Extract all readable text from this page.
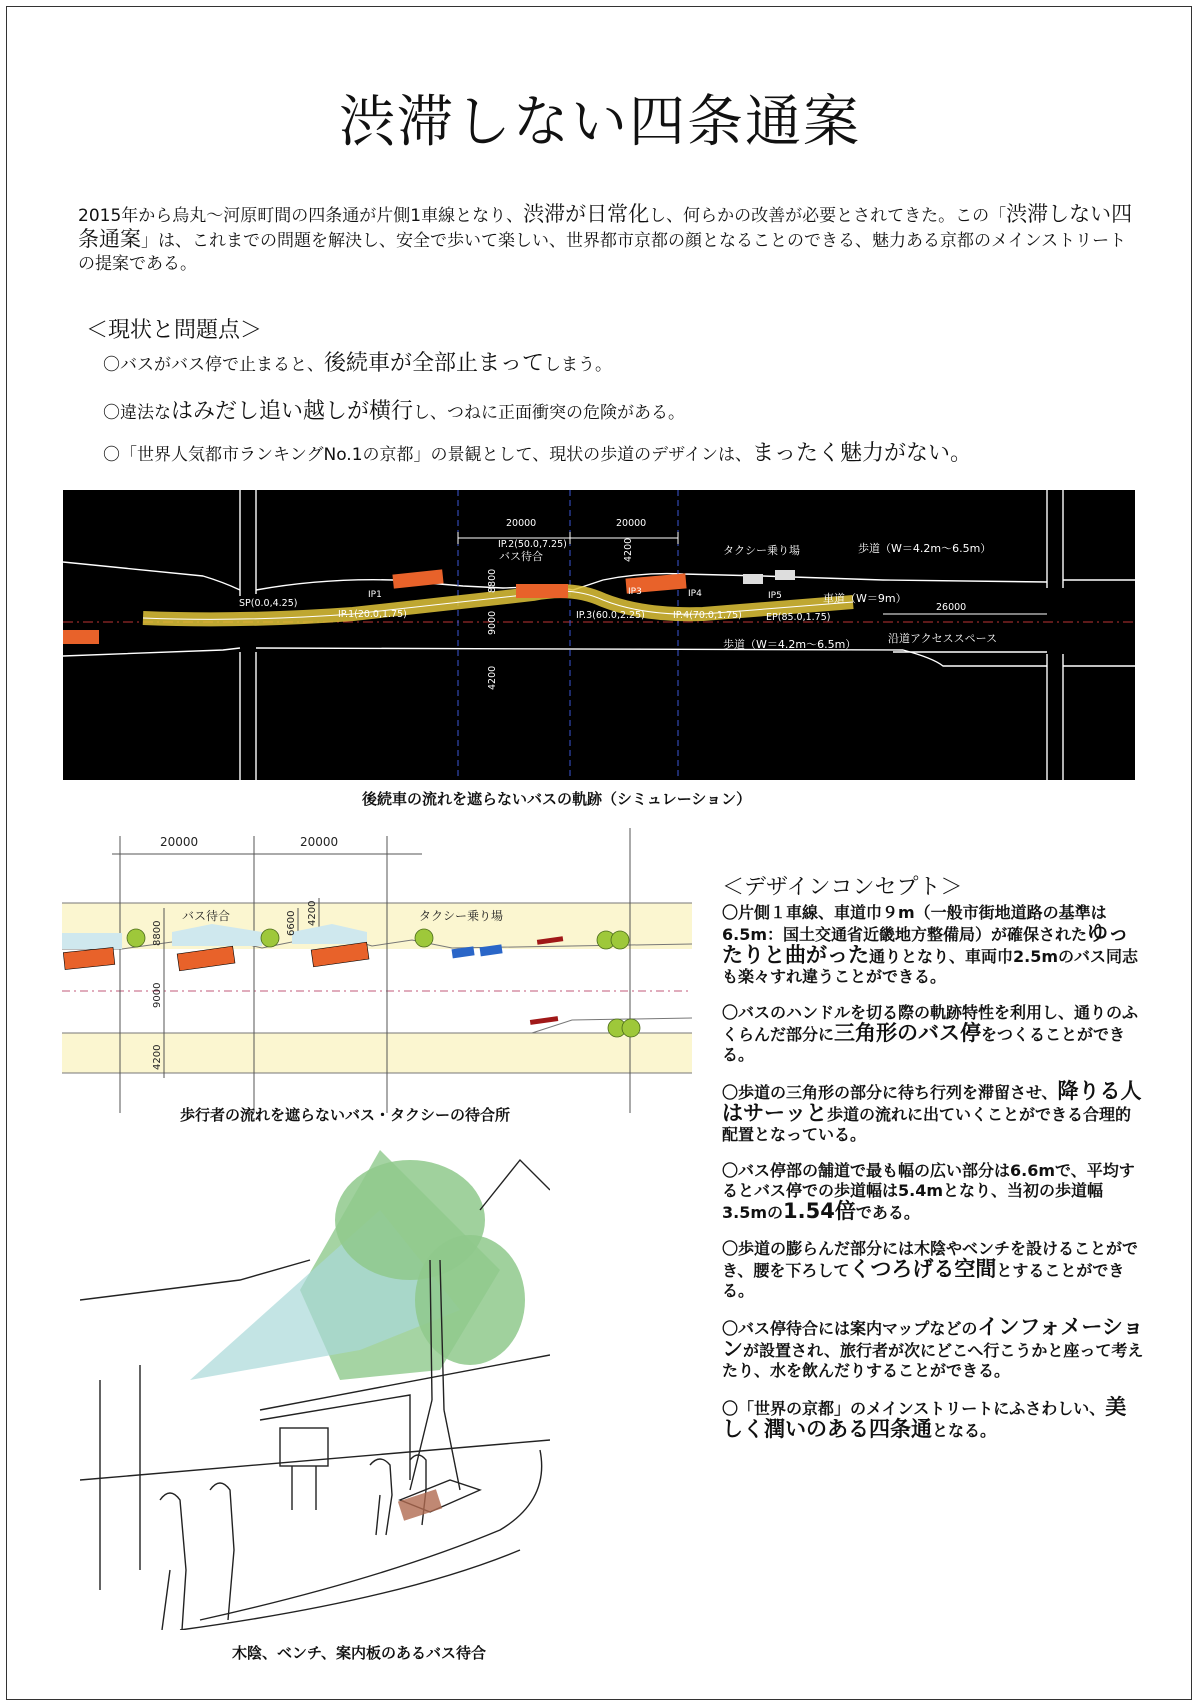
渋滞しない四条通案

2015年から烏丸〜河原町間の四条通が片側1車線となり、渋滞が日常化し、何らかの改善が必要とされてきた。この「渋滞しない四条通案」は、これまでの問題を解決し、安全で歩いて楽しい、世界都市京都の顔となることのできる、魅力ある京都のメインストリートの提案である。

＜現状と問題点＞

〇バスがバス停で止まると、後続車が全部止まってしまう。

〇違法なはみだし追い越しが横行し、つねに正面衝突の危険がある。

〇「世界人気都市ランキングNo.1の京都」の景観として、現状の歩道のデザインは、まったく魅力がない。

20000	20000
26000
IP.2(50.0,7.25)
バス待合	タクシー乗り場	歩道（W＝4.2m〜6.5m）
車道（W＝9m）
歩道（W＝4.2m〜6.5m）	沿道アクセススペース
SP(0.0,4.25)
IP.1(20.0,1.75)	IP.3(60.0,2.25)	IP.4(70.0,1.75)	EP(85.0,1.75)
IP1	IP3	IP4	IP5
8800
9000
4200
4200

後続車の流れを遮らないバスの軌跡（シミュレーション）

20000	20000
バス待合	タクシー乗り場
8800	6600 4200
9000
4200

歩行者の流れを遮らないバス・タクシーの待合所

木陰、ベンチ、案内板のあるバス待合

＜デザインコンセプト＞

〇片側１車線、車道巾９m（一般市街地道路の基準は6.5m：国土交通省近畿地方整備局）が確保されたゆったりと曲がった通りとなり、車両巾2.5mのバス同志も楽々すれ違うことができる。

〇バスのハンドルを切る際の軌跡特性を利用し、通りのふくらんだ部分に三角形のバス停をつくることができる。

〇歩道の三角形の部分に待ち行列を滞留させ、降りる人はサーッと歩道の流れに出ていくことができる合理的配置となっている。

〇バス停部の舗道で最も幅の広い部分は6.6mで、平均するとバス停での歩道幅は5.4mとなり、当初の歩道幅3.5mの1.54倍である。

〇歩道の膨らんだ部分には木陰やベンチを設けることができ、腰を下ろしてくつろげる空間とすることができる。

〇バス停待合には案内マップなどのインフォメーションが設置され、旅行者が次にどこへ行こうかと座って考えたり、水を飲んだりすることができる。

〇「世界の京都」のメインストリートにふさわしい、美しく潤いのある四条通となる。
